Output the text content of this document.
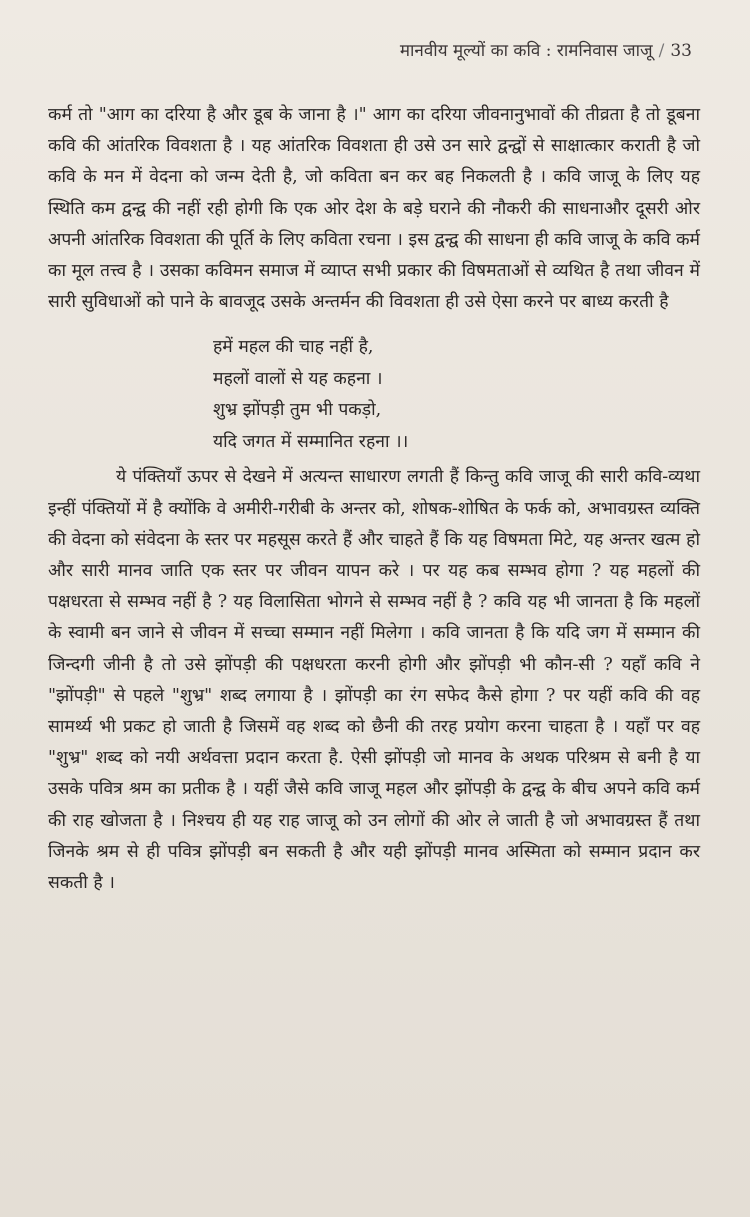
मानवीय मूल्यों का कवि : रामनिवास जाजू / 33

कर्म तो "आग का दरिया है और डूब के जाना है ।" आग का दरिया जीवनानुभावों की तीव्रता है तो डूबना कवि की आंतरिक विवशता है । यह आंतरिक विवशता ही उसे उन सारे द्वन्द्वों से साक्षात्कार कराती है जो कवि के मन में वेदना को जन्म देती है, जो कविता बन कर बह निकलती है । कवि जाजू के लिए यह स्थिति कम द्वन्द्व की नहीं रही होगी कि एक ओर देश के बड़े घराने की नौकरी की साधनाऔर दूसरी ओर अपनी आंतरिक विवशता की पूर्ति के लिए कविता रचना । इस द्वन्द्व की साधना ही कवि जाजू के कवि कर्म का मूल तत्त्व है । उसका कविमन समाज में व्याप्त सभी प्रकार की विषमताओं से व्यथित है तथा जीवन में सारी सुविधाओं को पाने के बावजूद उसके अन्तर्मन की विवशता ही उसे ऐसा करने पर बाध्य करती है

हमें महल की चाह नहीं है,
महलों वालों से यह कहना ।
शुभ्र झोंपड़ी तुम भी पकड़ो,
यदि जगत में सम्मानित रहना ।।

ये पंक्तियाँ ऊपर से देखने में अत्यन्त साधारण लगती हैं किन्तु कवि जाजू की सारी कवि-व्यथा इन्हीं पंक्तियों में है क्योंकि वे अमीरी-गरीबी के अन्तर को, शोषक-शोषित के फर्क को, अभावग्रस्त व्यक्ति की वेदना को संवेदना के स्तर पर महसूस करते हैं और चाहते हैं कि यह विषमता मिटे, यह अन्तर खत्म हो और सारी मानव जाति एक स्तर पर जीवन यापन करे । पर यह कब सम्भव होगा ? यह महलों की पक्षधरता से सम्भव नहीं है ? यह विलासिता भोगने से सम्भव नहीं है ? कवि यह भी जानता है कि महलों के स्वामी बन जाने से जीवन में सच्चा सम्मान नहीं मिलेगा । कवि जानता है कि यदि जग में सम्मान की जिन्दगी जीनी है तो उसे झोंपड़ी की पक्षधरता करनी होगी और झोंपड़ी भी कौन-सी ? यहाँ कवि ने "झोंपड़ी" से पहले "शुभ्र" शब्द लगाया है । झोंपड़ी का रंग सफेद कैसे होगा ? पर यहीं कवि की वह सामर्थ्य भी प्रकट हो जाती है जिसमें वह शब्द को छैनी की तरह प्रयोग करना चाहता है । यहाँ पर वह "शुभ्र" शब्द को नयी अर्थवत्ता प्रदान करता है. ऐसी झोंपड़ी जो मानव के अथक परिश्रम से बनी है या उसके पवित्र श्रम का प्रतीक है । यहीं जैसे कवि जाजू महल और झोंपड़ी के द्वन्द्व के बीच अपने कवि कर्म की राह खोजता है । निश्चय ही यह राह जाजू को उन लोगों की ओर ले जाती है जो अभावग्रस्त हैं तथा जिनके श्रम से ही पवित्र झोंपड़ी बन सकती है और यही झोंपड़ी मानव अस्मिता को सम्मान प्रदान कर सकती है ।
